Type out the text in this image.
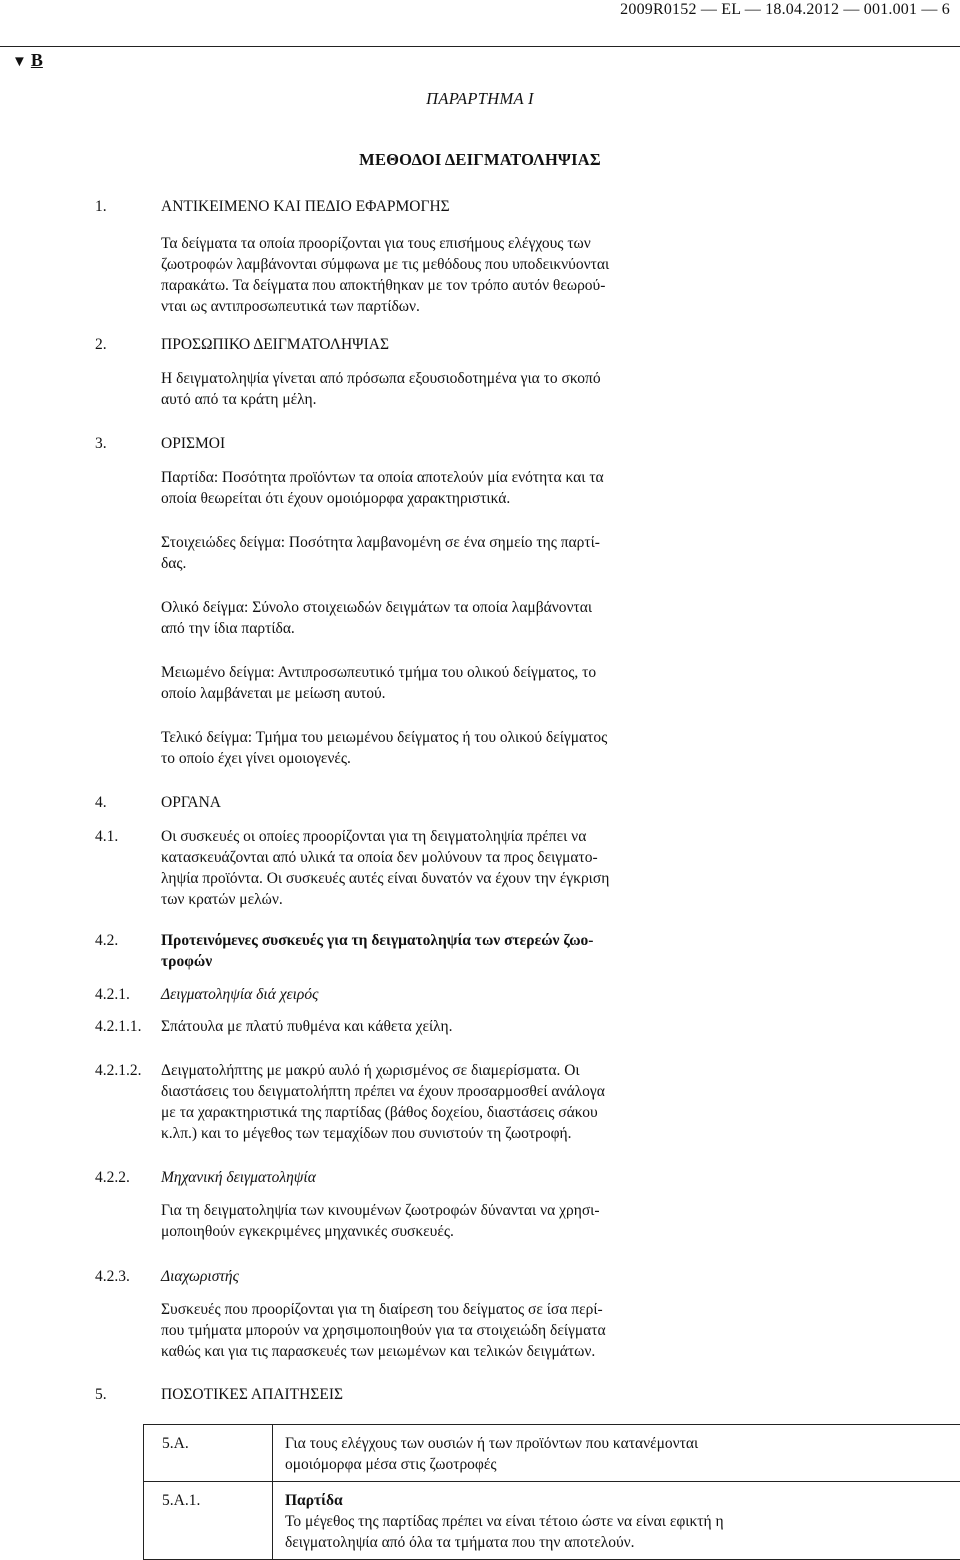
2009R0152 — EL — 18.04.2012 — 001.001 — 6
▼ B
ΠΑΡΑΡΤΗΜΑ I
ΜΕΘΟΔΟΙ ΔΕΙΓΜΑΤΟΛΗΨΙΑΣ
1.	ΑΝΤΙΚΕΙΜΕΝΟ ΚΑΙ ΠΕΔΙΟ ΕΦΑΡΜΟΓΗΣ

Τα δείγματα τα οποία προορίζονται για τους επισήμους ελέγχους των

ζωοτροφών λαμβάνονται σύμφωνα με τις μεθόδους που υποδεικνύονται

παρακάτω. Τα δείγματα που αποκτήθηκαν με τον τρόπο αυτόν θεωρού-

νται ως αντιπροσωπευτικά των παρτίδων.

2.	ΠΡΟΣΩΠΙΚΟ ΔΕΙΓΜΑΤΟΛΗΨΙΑΣ

Η δειγματοληψία γίνεται από πρόσωπα εξουσιοδοτημένα για το σκοπό

αυτό από τα κράτη μέλη.

3.	ΟΡΙΣΜΟΙ

Παρτίδα: Ποσότητα προϊόντων τα οποία αποτελούν μία ενότητα και τα

οποία θεωρείται ότι έχουν ομοιόμορφα χαρακτηριστικά.

Στοιχειώδες δείγμα: Ποσότητα λαμβανομένη σε ένα σημείο της παρτί-

δας.

Ολικό δείγμα: Σύνολο στοιχειωδών δειγμάτων τα οποία λαμβάνονται

από την ίδια παρτίδα.

Μειωμένο δείγμα: Αντιπροσωπευτικό τμήμα του ολικού δείγματος, το

οποίο λαμβάνεται με μείωση αυτού.

Τελικό δείγμα: Τμήμα του μειωμένου δείγματος ή του ολικού δείγματος

το οποίο έχει γίνει ομοιογενές.

4.	ΟΡΓΑΝΑ
4.1.	Οι συσκευές οι οποίες προορίζονται για τη δειγματοληψία πρέπει να

κατασκευάζονται από υλικά τα οποία δεν μολύνουν τα προς δειγματο-

ληψία προϊόντα. Οι συσκευές αυτές είναι δυνατόν να έχουν την έγκριση

των κρατών μελών.

4.2.	Προτεινόμενες συσκευές για τη δειγματοληψία των στερεών ζωο-

τροφών

4.2.1. Δειγματοληψία διά χειρός
4.2.1.1. Σπάτουλα με πλατύ πυθμένα και κάθετα χείλη.
4.2.1.2. Δειγματολήπτης με μακρύ αυλό ή χωρισμένος σε διαμερίσματα. Οι

διαστάσεις του δειγματολήπτη πρέπει να έχουν προσαρμοσθεί ανάλογα

με τα χαρακτηριστικά της παρτίδας (βάθος δοχείου, διαστάσεις σάκου

κ.λπ.) και το μέγεθος των τεμαχίδων που συνιστούν τη ζωοτροφή.

4.2.2. Μηχανική δειγματοληψία

Για τη δειγματοληψία των κινουμένων ζωοτροφών δύνανται να χρησι-

μοποιηθούν εγκεκριμένες μηχανικές συσκευές.

4.2.3. Διαχωριστής

Συσκευές που προορίζονται για τη διαίρεση του δείγματος σε ίσα περί-

που τμήματα μπορούν να χρησιμοποιηθούν για τα στοιχειώδη δείγματα

καθώς και για τις παρασκευές των μειωμένων και τελικών δειγμάτων.

5.	ΠΟΣΟΤΙΚΕΣ ΑΠΑΙΤΗΣΕΙΣ
5.A.	Για τους ελέγχους των ουσιών ή των προϊόντων που κατανέμονται
ομοιόμορφα μέσα στις ζωοτροφές

5.A.1.	Παρτίδα
Το μέγεθος της παρτίδας πρέπει να είναι τέτοιο ώστε να είναι εφικτή η
δειγματοληψία από όλα τα τμήματα που την αποτελούν.
